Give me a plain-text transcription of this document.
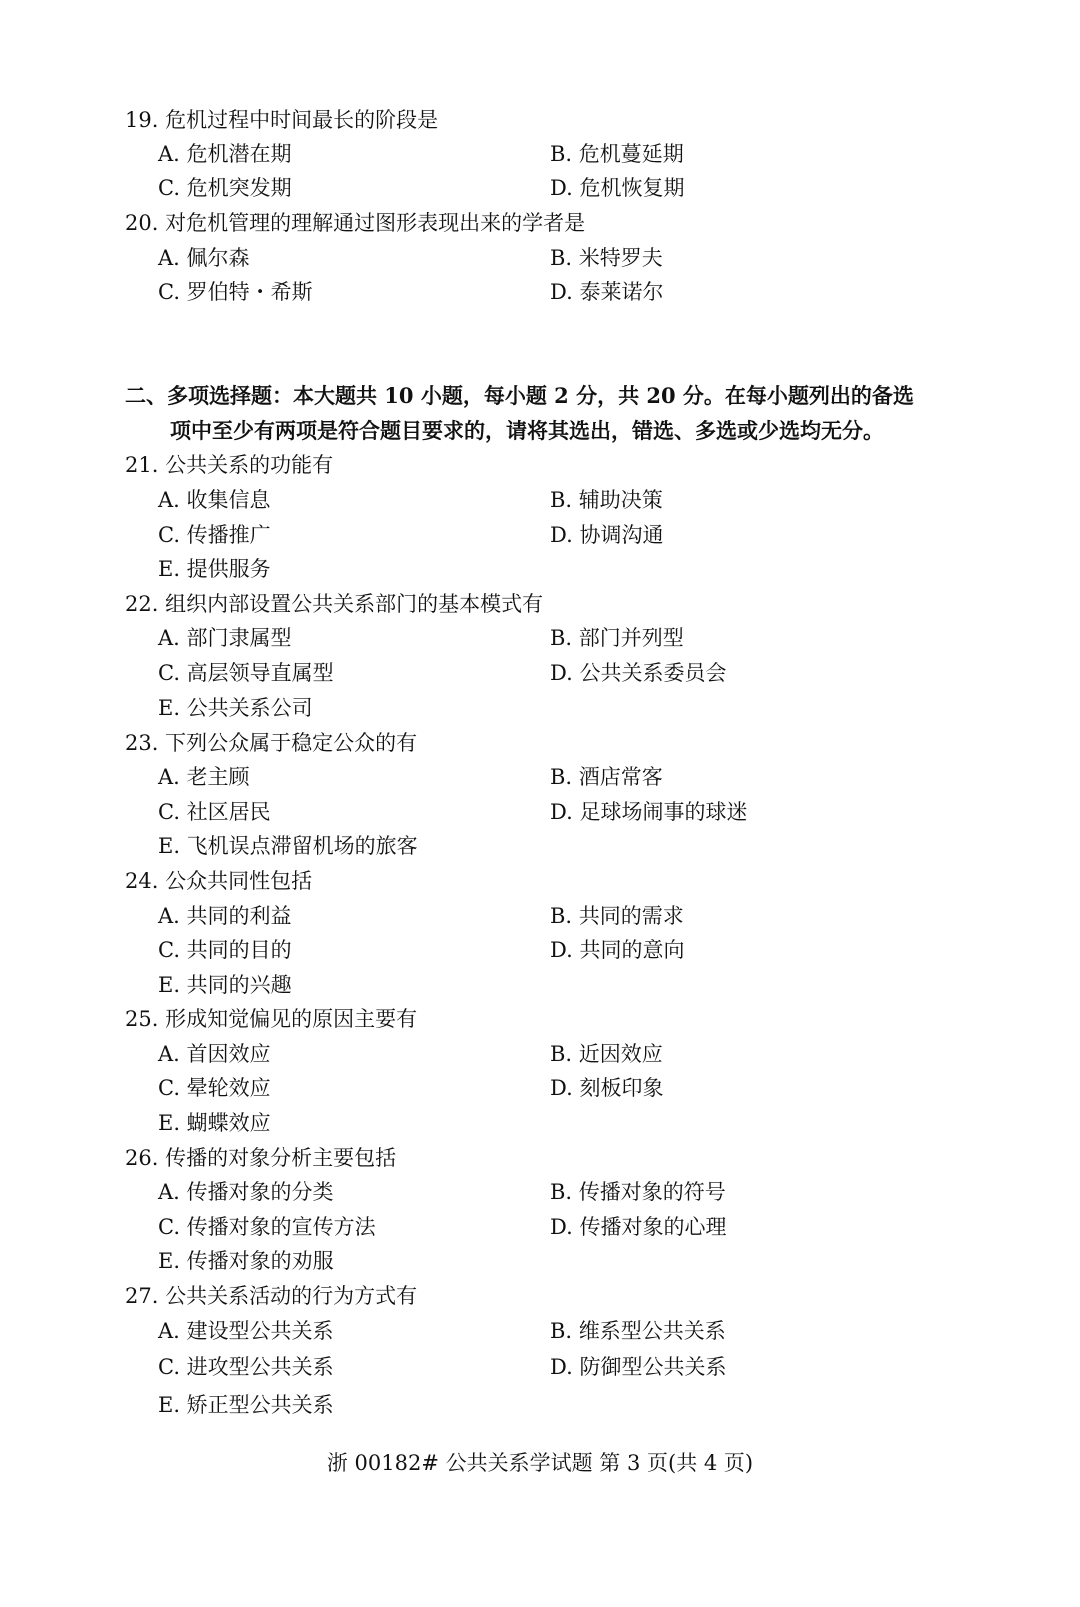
19. 危机过程中时间最长的阶段是
A. 危机潜在期	B. 危机蔓延期
C. 危机突发期	D. 危机恢复期
20. 对危机管理的理解通过图形表现出来的学者是
A. 佩尔森	B. 米特罗夫
C. 罗伯特・希斯	D. 泰莱诺尔
二、多项选择题：本大题共 10 小题，每小题 2 分，共 20 分。在每小题列出的备选
项中至少有两项是符合题目要求的，请将其选出，错选、多选或少选均无分。
21. 公共关系的功能有
A. 收集信息	B. 辅助决策
C. 传播推广	D. 协调沟通
E. 提供服务
22. 组织内部设置公共关系部门的基本模式有
A. 部门隶属型	B. 部门并列型
C. 高层领导直属型	D. 公共关系委员会
E. 公共关系公司
23. 下列公众属于稳定公众的有
A. 老主顾	B. 酒店常客
C. 社区居民	D. 足球场闹事的球迷
E. 飞机误点滞留机场的旅客
24. 公众共同性包括
A. 共同的利益	B. 共同的需求
C. 共同的目的	D. 共同的意向
E. 共同的兴趣
25. 形成知觉偏见的原因主要有
A. 首因效应	B. 近因效应
C. 晕轮效应	D. 刻板印象
E. 蝴蝶效应
26. 传播的对象分析主要包括
A. 传播对象的分类	B. 传播对象的符号
C. 传播对象的宣传方法	D. 传播对象的心理
E. 传播对象的劝服
27. 公共关系活动的行为方式有
A. 建设型公共关系	B. 维系型公共关系
C. 进攻型公共关系	D. 防御型公共关系
E. 矫正型公共关系
浙 00182# 公共关系学试题 第 3 页(共 4 页)
